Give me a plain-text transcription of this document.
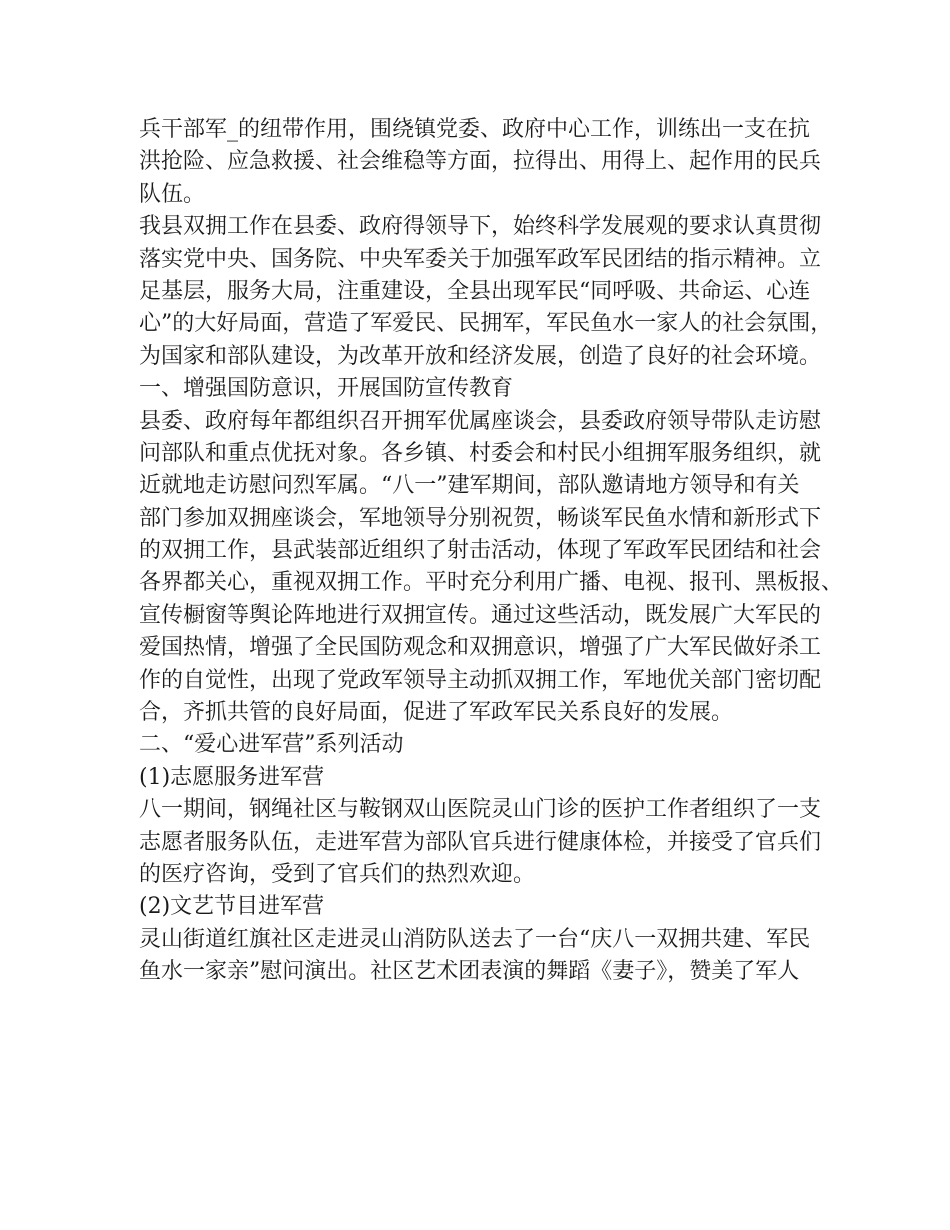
兵干部军_的纽带作用，围绕镇党委、政府中心工作，训练出一支在抗
洪抢险、应急救援、社会维稳等方面，拉得出、用得上、起作用的民兵
队伍。
我县双拥工作在县委、政府得领导下，始终科学发展观的要求认真贯彻
落实党中央、国务院、中央军委关于加强军政军民团结的指示精神。立
足基层，服务大局，注重建设，全县出现军民“同呼吸、共命运、心连
心”的大好局面，营造了军爱民、民拥军，军民鱼水一家人的社会氛围，
为国家和部队建设，为改革开放和经济发展，创造了良好的社会环境。
一、增强国防意识，开展国防宣传教育
县委、政府每年都组织召开拥军优属座谈会，县委政府领导带队走访慰
问部队和重点优抚对象。各乡镇、村委会和村民小组拥军服务组织，就
近就地走访慰问烈军属。“八一”建军期间，部队邀请地方领导和有关
部门参加双拥座谈会，军地领导分别祝贺，畅谈军民鱼水情和新形式下
的双拥工作，县武装部近组织了射击活动，体现了军政军民团结和社会
各界都关心，重视双拥工作。平时充分利用广播、电视、报刊、黑板报、
宣传橱窗等舆论阵地进行双拥宣传。通过这些活动，既发展广大军民的
爱国热情，增强了全民国防观念和双拥意识，增强了广大军民做好杀工
作的自觉性，出现了党政军领导主动抓双拥工作，军地优关部门密切配
合，齐抓共管的良好局面，促进了军政军民关系良好的发展。
二、“爱心进军营”系列活动
(1)志愿服务进军营
八一期间，钢绳社区与鞍钢双山医院灵山门诊的医护工作者组织了一支
志愿者服务队伍，走进军营为部队官兵进行健康体检，并接受了官兵们
的医疗咨询，受到了官兵们的热烈欢迎。
(2)文艺节目进军营
灵山街道红旗社区走进灵山消防队送去了一台“庆八一双拥共建、军民
鱼水一家亲”慰问演出。社区艺术团表演的舞蹈《妻子》，赞美了军人
